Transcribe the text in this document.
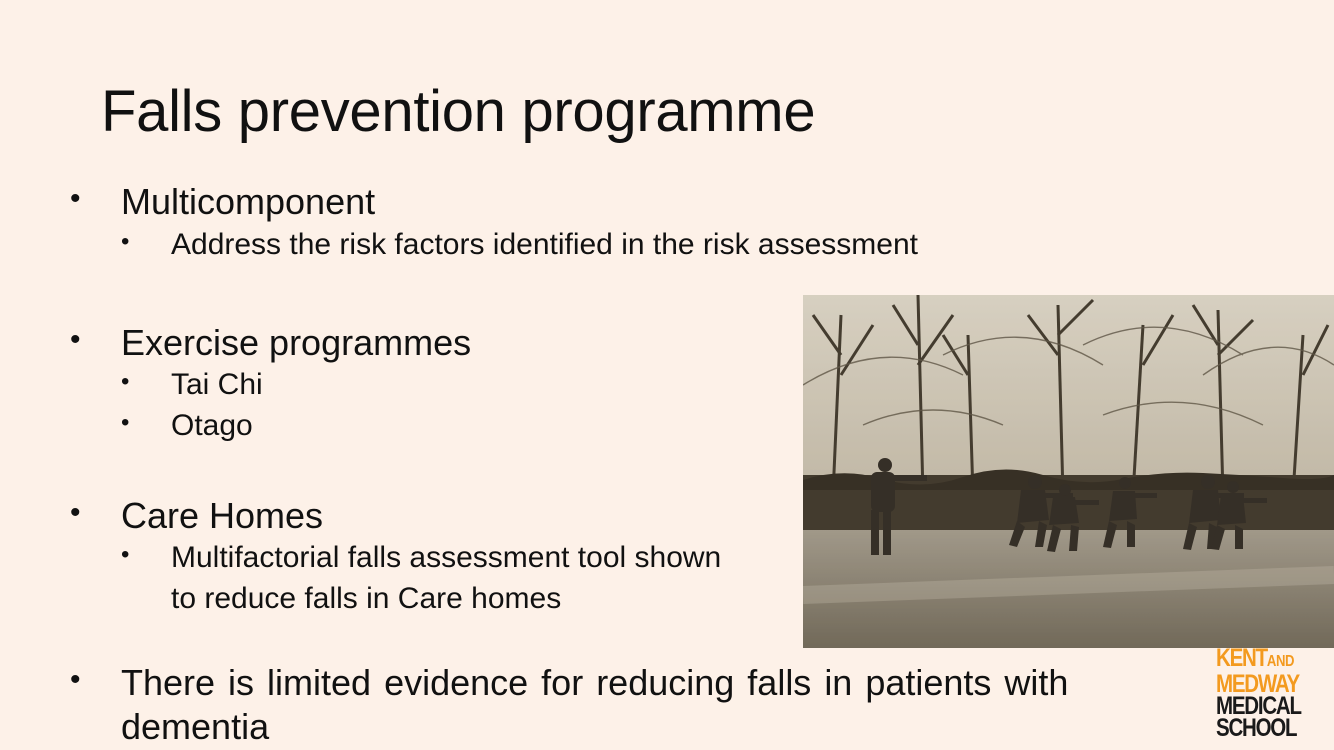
Falls prevention programme
• Multicomponent

• Address the risk factors identified in the risk assessment

• Exercise programmes

• Tai Chi

• Otago

• Care Homes

• Multifactorial falls assessment tool shown

to reduce falls in Care homes

• There is limited evidence for reducing falls in patients with

dementia

KENTAND
MEDWAY
MEDICAL
SCHOOL
